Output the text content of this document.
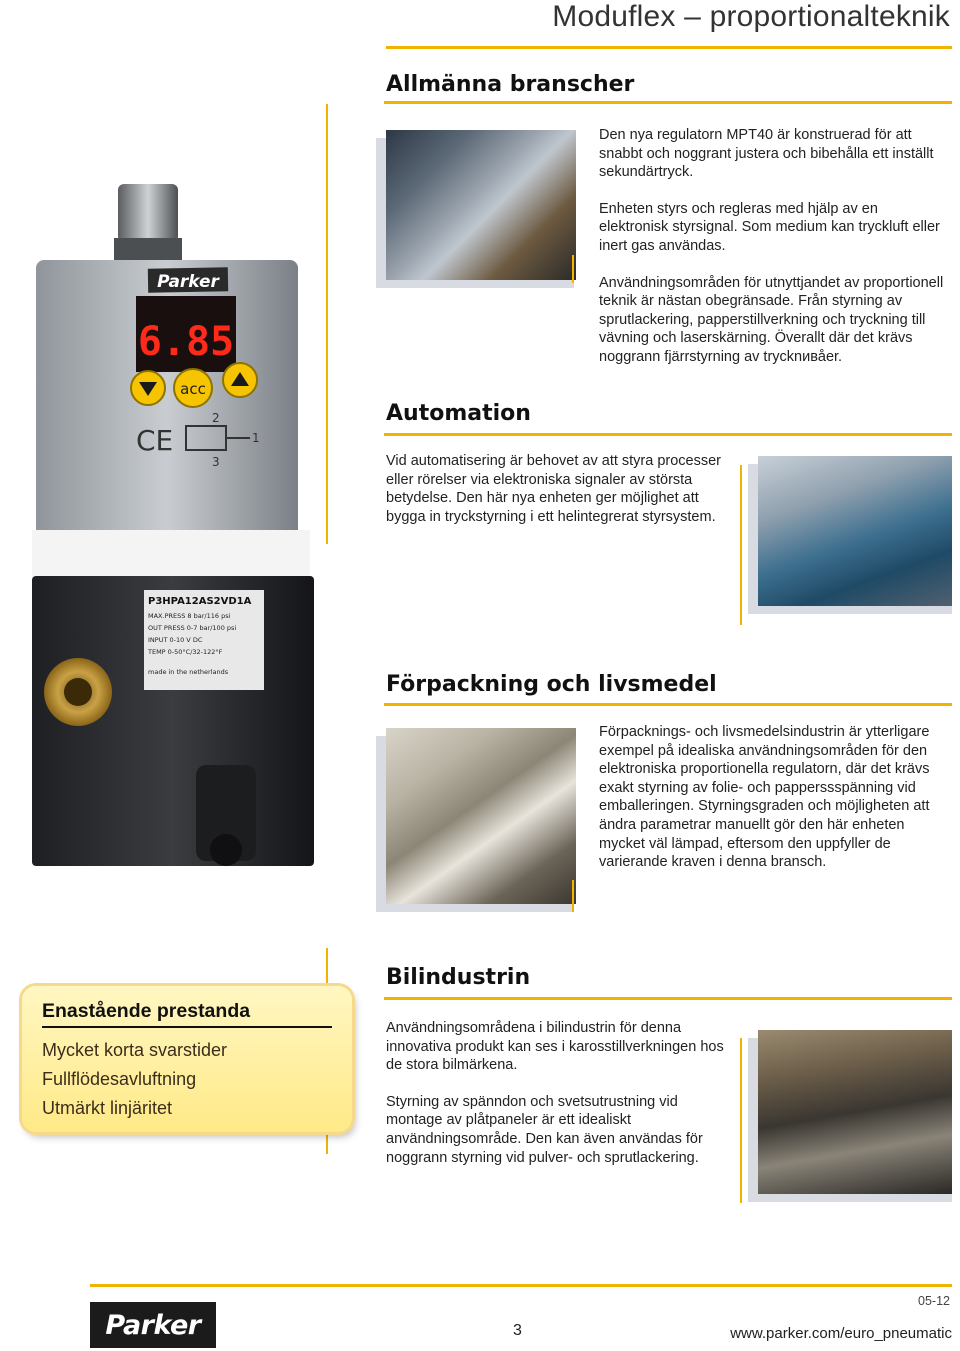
Moduflex – proportionalteknik
Parker
6.85
acc
CE
2
1
3
P3HPA12AS2VD1A
MAX.PRESS 8 bar/116 psi
OUT PRESS 0-7 bar/100 psi
INPUT 0-10 V DC
TEMP 0-50°C/32-122°F
made in the netherlands
Allmänna branscher

Den nya regulatorn MPT40 är konstruerad för att snabbt och noggrant justera och bibehålla ett inställt sekundärtryck.

Enheten styrs och regleras med hjälp av en elektronisk styrsignal. Som medium kan tryckluft eller inert gas användas.

Användningsområden för utnyttjandet av proportionell teknik är nästan obegränsade. Från styrning av sprutlackering, papperstillverkning och tryckning till vävning och laserskärning. Överallt där det krävs noggrann fjärrstyrning av trycknивåer.

Automation

Vid automatisering är behovet av att styra processer eller rörelser via elektroniska signaler av största betydelse. Den här nya enheten ger möjlighet att bygga in tryckstyrning i ett helintegrerat styrsystem.

Förpackning och livsmedel

Förpacknings- och livsmedelsindustrin är ytterligare exempel på idealiska användningsområden för den elektroniska proportionella regulatorn, där det krävs exakt styrning av folie- och papperssspänning vid emballeringen. Styrningsgraden och möjligheten att ändra parametrar manuellt gör den här enheten mycket väl lämpad, eftersom den uppfyller de varierande kraven i denna bransch.

Bilindustrin

Användningsområdena i bilindustrin för denna innovativa produkt kan ses i karosstillverkningen hos de stora bilmärkena.

Styrning av spänndon och svetsutrustning vid montage av plåtpaneler är ett idealiskt användningsområde. Den kan även användas för noggrann styrning vid pulver- och sprutlackering.

Enastående prestanda
Mycket korta svarstider
Fullflödesavluftning
Utmärkt linjäritet
Parker
05-12
3	www.parker.com/euro_pneumatic
